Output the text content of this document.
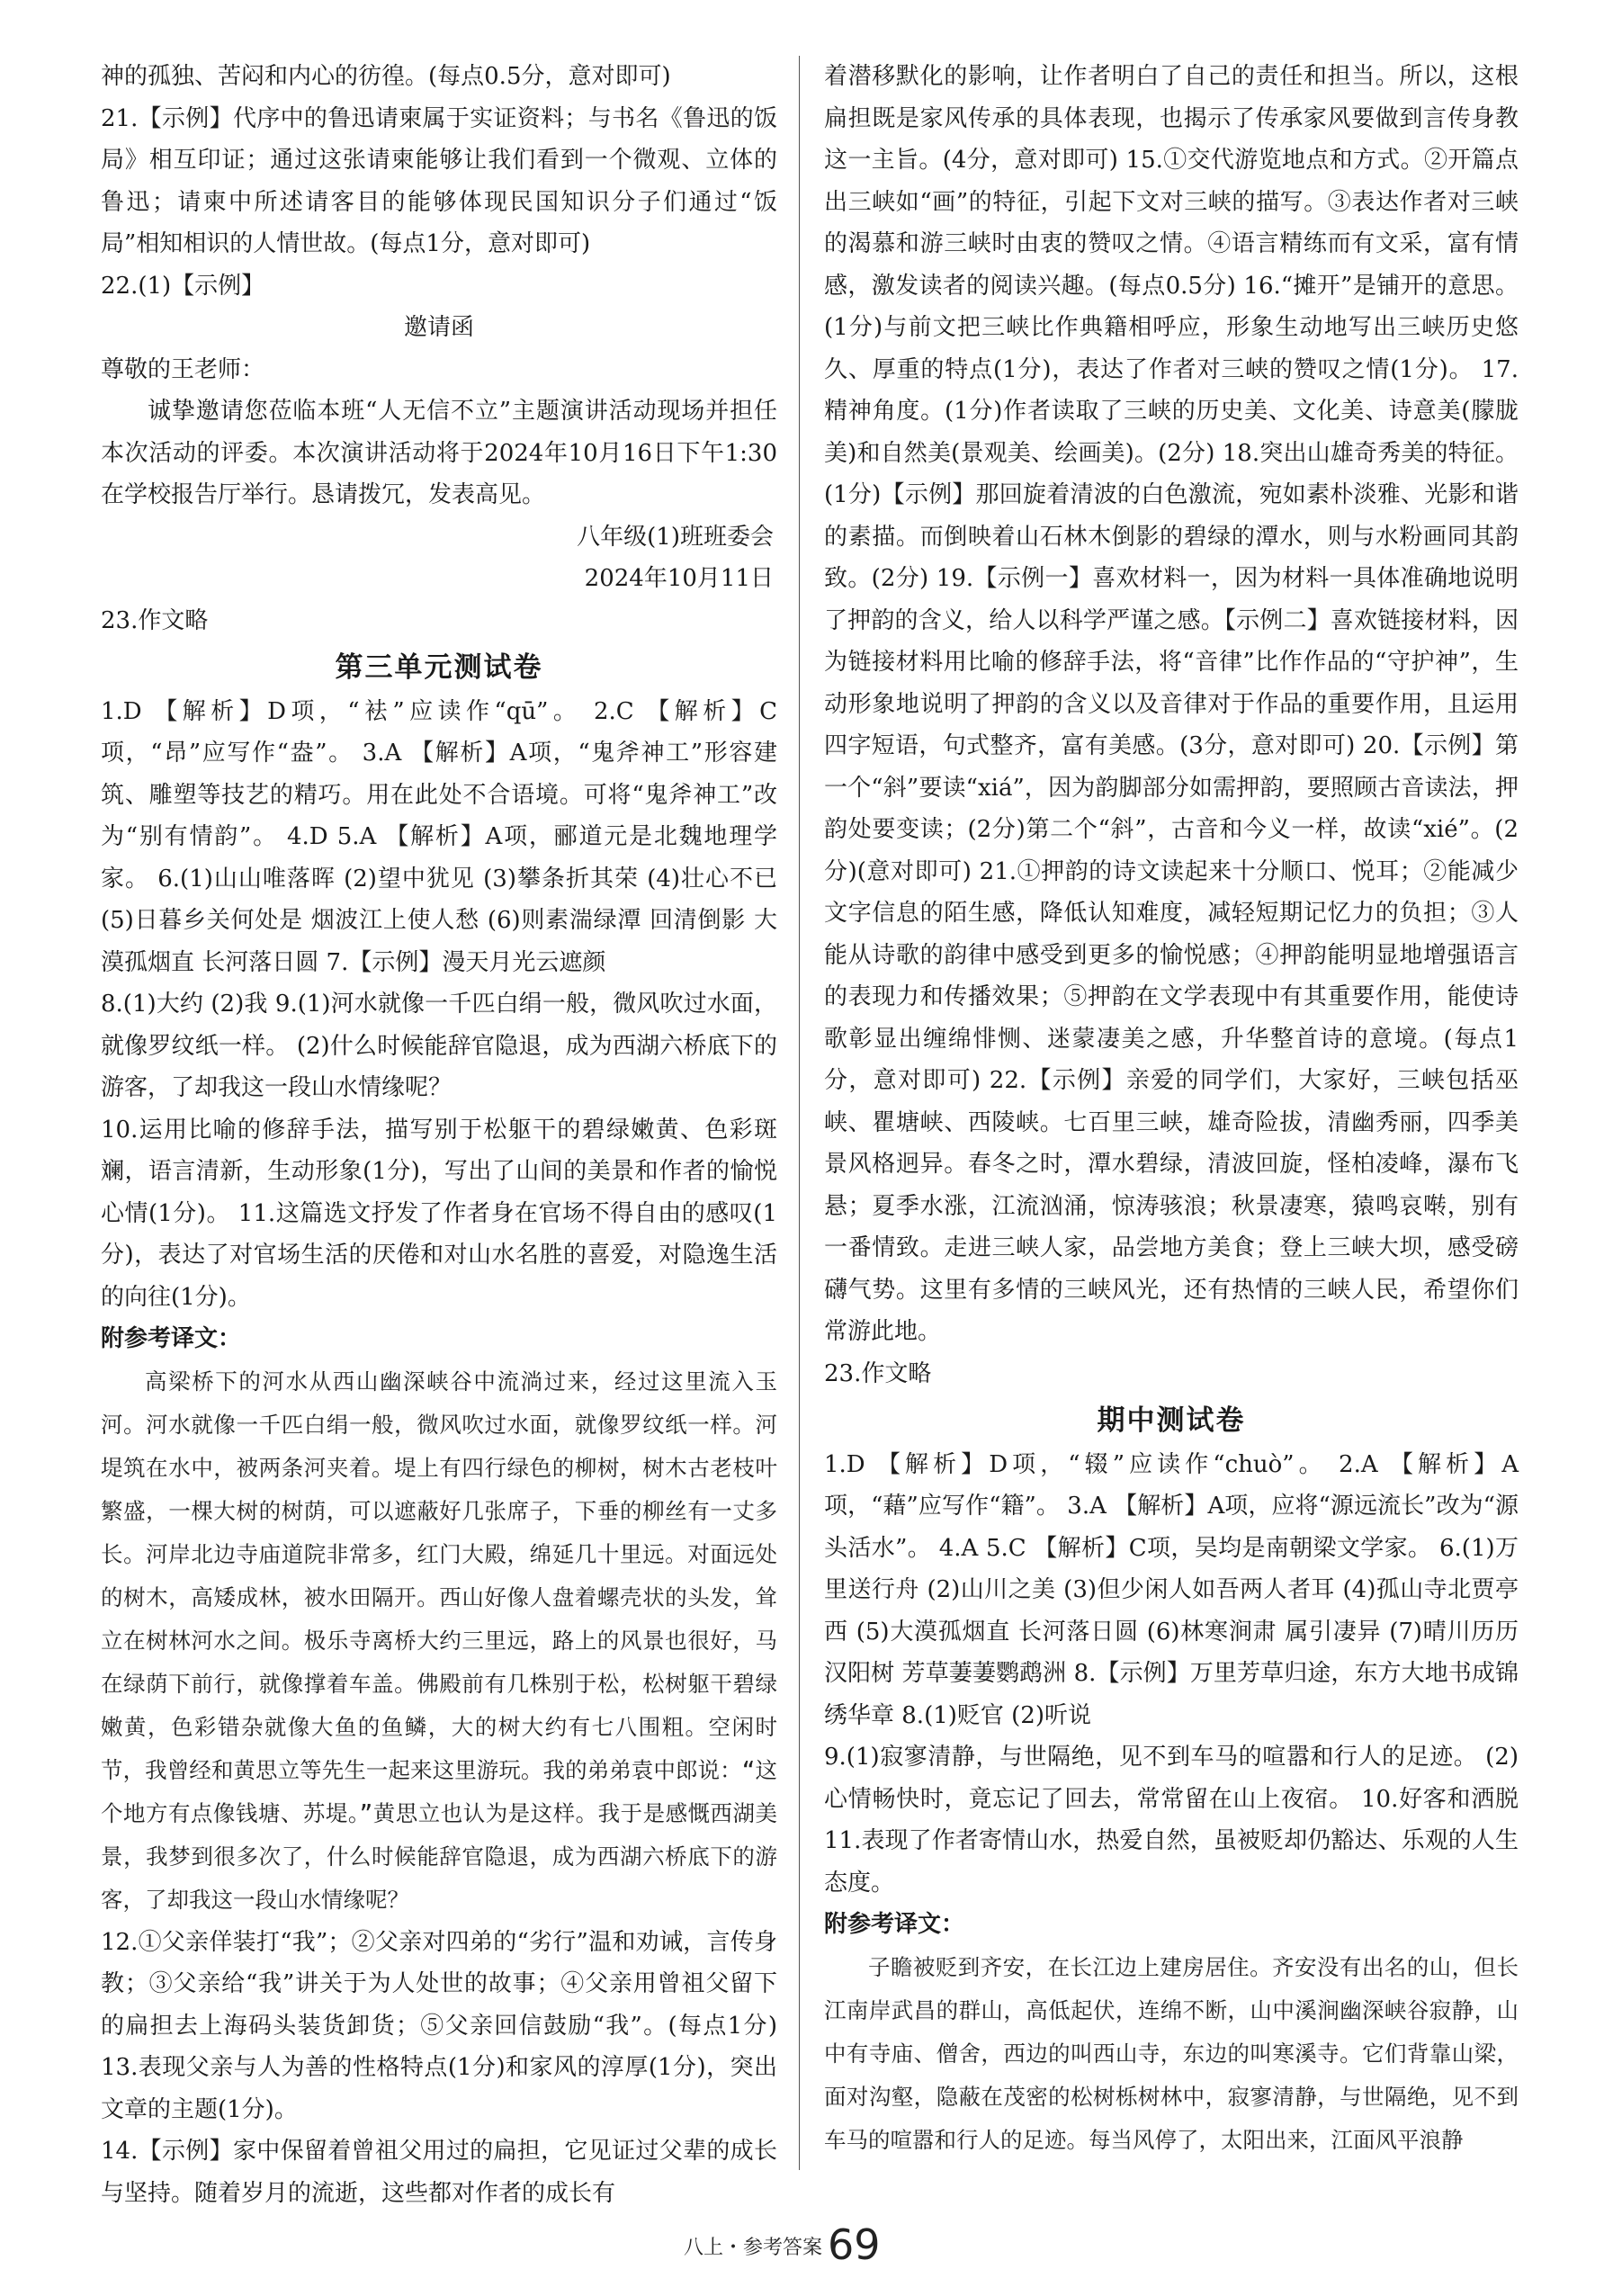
神的孤独、苦闷和内心的彷徨。(每点0.5分，意对即可)

21.【示例】代序中的鲁迅请柬属于实证资料；与书名《鲁迅的饭局》相互印证；通过这张请柬能够让我们看到一个微观、立体的鲁迅；请柬中所述请客目的能够体现民国知识分子们通过“饭局”相知相识的人情世故。(每点1分，意对即可)

22.(1)【示例】

邀请函

尊敬的王老师：

诚挚邀请您莅临本班“人无信不立”主题演讲活动现场并担任本次活动的评委。本次演讲活动将于2024年10月16日下午1:30在学校报告厅举行。恳请拨冗，发表高见。

八年级(1)班班委会

2024年10月11日

23.作文略

第三单元测试卷

1.D 【解析】D项，“袪”应读作“qū”。 2.C 【解析】C项，“昂”应写作“盎”。 3.A 【解析】A项，“鬼斧神工”形容建筑、雕塑等技艺的精巧。用在此处不合语境。可将“鬼斧神工”改为“别有情韵”。 4.D 5.A 【解析】A项，郦道元是北魏地理学家。 6.(1)山山唯落晖 (2)望中犹见 (3)攀条折其荣 (4)壮心不已 (5)日暮乡关何处是 烟波江上使人愁 (6)则素湍绿潭 回清倒影 大漠孤烟直 长河落日圆 7.【示例】漫天月光云遮颜

8.(1)大约 (2)我 9.(1)河水就像一千匹白绢一般，微风吹过水面，就像罗纹纸一样。 (2)什么时候能辞官隐退，成为西湖六桥底下的游客，了却我这一段山水情缘呢？

10.运用比喻的修辞手法，描写别于松躯干的碧绿嫩黄、色彩斑斓，语言清新，生动形象(1分)，写出了山间的美景和作者的愉悦心情(1分)。 11.这篇选文抒发了作者身在官场不得自由的感叹(1分)，表达了对官场生活的厌倦和对山水名胜的喜爱，对隐逸生活的向往(1分)。

附参考译文：

高梁桥下的河水从西山幽深峡谷中流淌过来，经过这里流入玉河。河水就像一千匹白绢一般，微风吹过水面，就像罗纹纸一样。河堤筑在水中，被两条河夹着。堤上有四行绿色的柳树，树木古老枝叶繁盛，一棵大树的树荫，可以遮蔽好几张席子，下垂的柳丝有一丈多长。河岸北边寺庙道院非常多，红门大殿，绵延几十里远。对面远处的树木，高矮成林，被水田隔开。西山好像人盘着螺壳状的头发，耸立在树林河水之间。极乐寺离桥大约三里远，路上的风景也很好，马在绿荫下前行，就像撑着车盖。佛殿前有几株别于松，松树躯干碧绿嫩黄，色彩错杂就像大鱼的鱼鳞，大的树大约有七八围粗。空闲时节，我曾经和黄思立等先生一起来这里游玩。我的弟弟袁中郎说：“这个地方有点像钱塘、苏堤。”黄思立也认为是这样。我于是感慨西湖美景，我梦到很多次了，什么时候能辞官隐退，成为西湖六桥底下的游客，了却我这一段山水情缘呢？

12.①父亲佯装打“我”；②父亲对四弟的“劣行”温和劝诫，言传身教；③父亲给“我”讲关于为人处世的故事；④父亲用曾祖父留下的扁担去上海码头装货卸货；⑤父亲回信鼓励“我”。(每点1分) 13.表现父亲与人为善的性格特点(1分)和家风的淳厚(1分)，突出文章的主题(1分)。

14.【示例】家中保留着曾祖父用过的扁担，它见证过父辈的成长与坚持。随着岁月的流逝，这些都对作者的成长有

着潜移默化的影响，让作者明白了自己的责任和担当。所以，这根扁担既是家风传承的具体表现，也揭示了传承家风要做到言传身教这一主旨。(4分，意对即可) 15.①交代游览地点和方式。②开篇点出三峡如“画”的特征，引起下文对三峡的描写。③表达作者对三峡的渴慕和游三峡时由衷的赞叹之情。④语言精练而有文采，富有情感，激发读者的阅读兴趣。(每点0.5分) 16.“摊开”是铺开的意思。(1分)与前文把三峡比作典籍相呼应，形象生动地写出三峡历史悠久、厚重的特点(1分)，表达了作者对三峡的赞叹之情(1分)。 17.精神角度。(1分)作者读取了三峡的历史美、文化美、诗意美(朦胧美)和自然美(景观美、绘画美)。(2分) 18.突出山雄奇秀美的特征。(1分)【示例】那回旋着清波的白色激流，宛如素朴淡雅、光影和谐的素描。而倒映着山石林木倒影的碧绿的潭水，则与水粉画同其韵致。(2分) 19.【示例一】喜欢材料一，因为材料一具体准确地说明了押韵的含义，给人以科学严谨之感。【示例二】喜欢链接材料，因为链接材料用比喻的修辞手法，将“音律”比作作品的“守护神”，生动形象地说明了押韵的含义以及音律对于作品的重要作用，且运用四字短语，句式整齐，富有美感。(3分，意对即可) 20.【示例】第一个“斜”要读“xiá”，因为韵脚部分如需押韵，要照顾古音读法，押韵处要变读；(2分)第二个“斜”，古音和今义一样，故读“xié”。(2分)(意对即可) 21.①押韵的诗文读起来十分顺口、悦耳；②能减少文字信息的陌生感，降低认知难度，减轻短期记忆力的负担；③人能从诗歌的韵律中感受到更多的愉悦感；④押韵能明显地增强语言的表现力和传播效果；⑤押韵在文学表现中有其重要作用，能使诗歌彰显出缠绵悱恻、迷蒙凄美之感，升华整首诗的意境。(每点1分，意对即可) 22.【示例】亲爱的同学们，大家好，三峡包括巫峡、瞿塘峡、西陵峡。七百里三峡，雄奇险拔，清幽秀丽，四季美景风格迥异。春冬之时，潭水碧绿，清波回旋，怪柏凌峰，瀑布飞悬；夏季水涨，江流汹涌，惊涛骇浪；秋景凄寒，猿鸣哀啭，别有一番情致。走进三峡人家，品尝地方美食；登上三峡大坝，感受磅礴气势。这里有多情的三峡风光，还有热情的三峡人民，希望你们常游此地。

23.作文略

期中测试卷

1.D 【解析】D项，“辍”应读作“chuò”。 2.A 【解析】A项，“藉”应写作“籍”。 3.A 【解析】A项，应将“源远流长”改为“源头活水”。 4.A 5.C 【解析】C项，吴均是南朝梁文学家。 6.(1)万里送行舟 (2)山川之美 (3)但少闲人如吾两人者耳 (4)孤山寺北贾亭西 (5)大漠孤烟直 长河落日圆 (6)林寒涧肃 属引凄异 (7)晴川历历汉阳树 芳草萋萋鹦鹉洲 8.【示例】万里芳草归途，东方大地书成锦绣华章 8.(1)贬官 (2)听说

9.(1)寂寥清静，与世隔绝，见不到车马的喧嚣和行人的足迹。 (2)心情畅快时，竟忘记了回去，常常留在山上夜宿。 10.好客和洒脱 11.表现了作者寄情山水，热爱自然，虽被贬却仍豁达、乐观的人生态度。

附参考译文：

子瞻被贬到齐安，在长江边上建房居住。齐安没有出名的山，但长江南岸武昌的群山，高低起伏，连绵不断，山中溪涧幽深峡谷寂静，山中有寺庙、僧舍，西边的叫西山寺，东边的叫寒溪寺。它们背靠山梁，面对沟壑，隐蔽在茂密的松树栎树林中，寂寥清静，与世隔绝，见不到车马的喧嚣和行人的足迹。每当风停了，太阳出来，江面风平浪静

八上・参考答案 69
